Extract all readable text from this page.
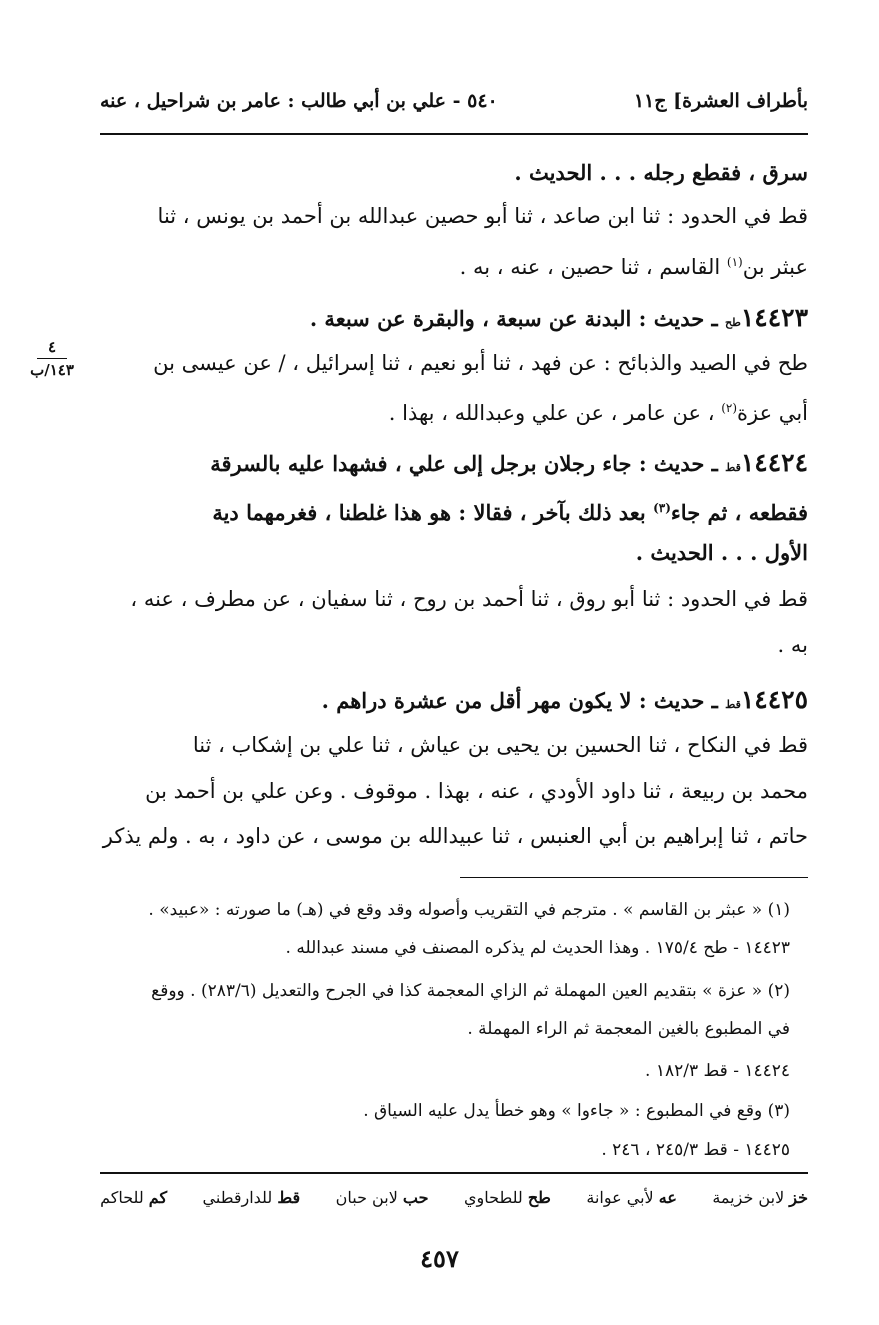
بأطراف العشرة] ج١١
٥٤٠ - علي بن أبي طالب : عامر بن شراحيل ، عنه
٤
١٤٣/ب
سرق ، فقطع رجله . . . الحديث .
قط في الحدود : ثنا ابن صاعد ، ثنا أبو حصين عبدالله بن أحمد بن يونس ، ثنا
عبثر بن$^{(١)}$ القاسم ، ثنا حصين ، عنه ، به .
١٤٤٢٣طح ـ حديث : البدنة عن سبعة ، والبقرة عن سبعة .
طح في الصيد والذبائح : عن فهد ، ثنا أبو نعيم ، ثنا إسرائيل ، / عن عيسى بن
أبي عزة$^{(٢)}$ ، عن عامر ، عن علي وعبدالله ، بهذا .
١٤٤٢٤قط ـ حديث : جاء رجلان برجل إلى علي ، فشهدا عليه بالسرقة
فقطعه ، ثم جاء$^{(٣)}$ بعد ذلك بآخر ، فقالا : هو هذا غلطنا ، فغرمهما دية
الأول . . . الحديث .
قط في الحدود : ثنا أبو روق ، ثنا أحمد بن روح ، ثنا سفيان ، عن مطرف ، عنه ،
به .
١٤٤٢٥قط ـ حديث : لا يكون مهر أقل من عشرة دراهم .
قط في النكاح ، ثنا الحسين بن يحيى بن عياش ، ثنا علي بن إشكاب ، ثنا
محمد بن ربيعة ، ثنا داود الأودي ، عنه ، بهذا . موقوف . وعن علي بن أحمد بن
حاتم ، ثنا إبراهيم بن أبي العنبس ، ثنا عبيدالله بن موسى ، عن داود ، به . ولم يذكر
(١) « عبثر بن القاسم » . مترجم في التقريب وأصوله وقد وقع في (هـ) ما صورته : «عبيد» .
١٤٤٢٣ - طح ١٧٥/٤ . وهذا الحديث لم يذكره المصنف في مسند عبدالله .
(٢) « عزة » بتقديم العين المهملة ثم الزاي المعجمة كذا في الجرح والتعديل (٢٨٣/٦) . ووقع
في المطبوع بالغين المعجمة ثم الراء المهملة .
١٤٤٢٤ - قط ١٨٢/٣ .
(٣) وقع في المطبوع : « جاءوا » وهو خطأ يدل عليه السياق .
١٤٤٢٥ - قط ٢٤٥/٣ ، ٢٤٦ .
خز لابن خزيمة
عه لأبي عوانة
طح للطحاوي
حب لابن حبان
قط للدارقطني
كم للحاكم
٤٥٧
